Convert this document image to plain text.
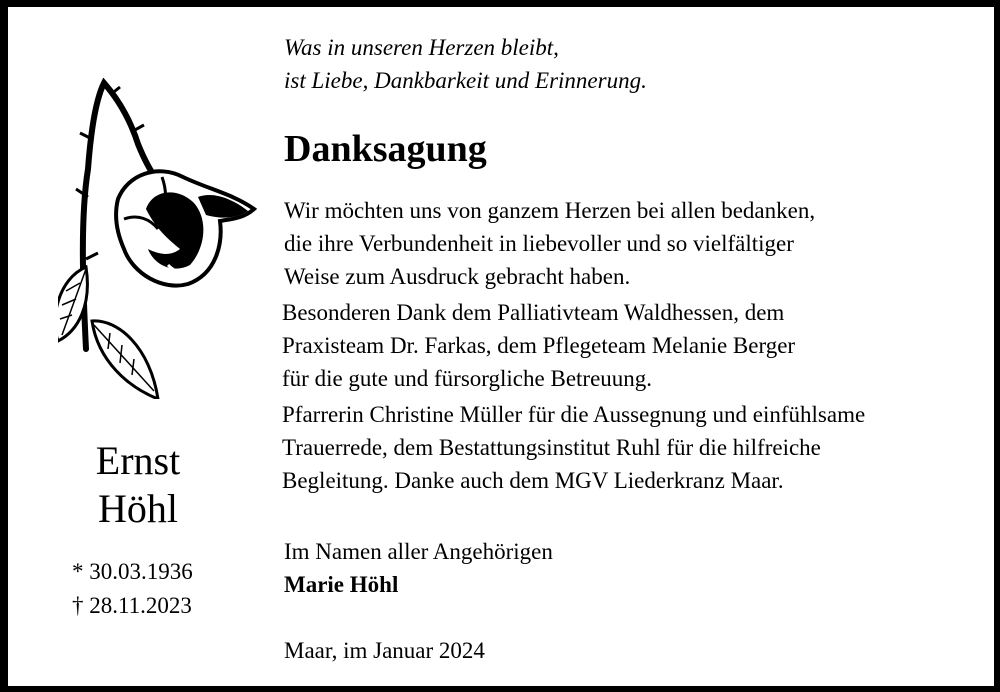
Ernst
Höhl
* 30.03.1936
† 28.11.2023
Was in unseren Herzen bleibt,
ist Liebe, Dankbarkeit und Erinnerung.
Danksagung
Wir möchten uns von ganzem Herzen bei allen bedanken,
die ihre Verbundenheit in liebevoller und so vielfältiger
Weise zum Ausdruck gebracht haben.
Besonderen Dank dem Palliativteam Waldhessen, dem
Praxisteam Dr. Farkas, dem Pflegeteam Melanie Berger
für die gute und fürsorgliche Betreuung.
Pfarrerin Christine Müller für die Aussegnung und einfühlsame
Trauerrede, dem Bestattungsinstitut Ruhl für die hilfreiche
Begleitung. Danke auch dem MGV Liederkranz Maar.
Im Namen aller Angehörigen
Marie Höhl
Maar, im Januar 2024
